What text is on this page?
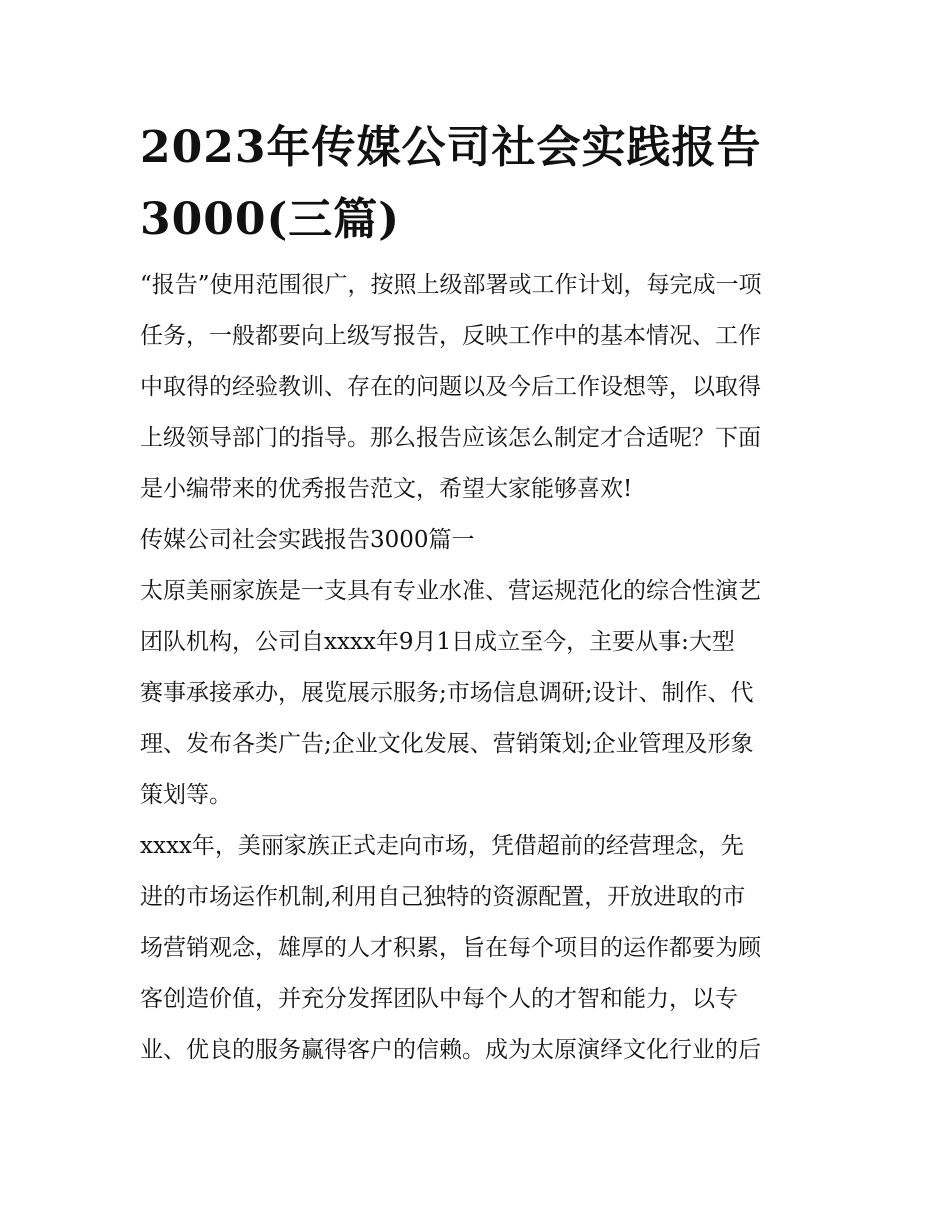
2023年传媒公司社会实践报告
3000(三篇)

“报告”使用范围很广，按照上级部署或工作计划，每完成一项
任务，一般都要向上级写报告，反映工作中的基本情况、工作
中取得的经验教训、存在的问题以及今后工作设想等，以取得
上级领导部门的指导。那么报告应该怎么制定才合适呢？下面
是小编带来的优秀报告范文，希望大家能够喜欢!

传媒公司社会实践报告3000篇一

太原美丽家族是一支具有专业水准、营运规范化的综合性演艺
团队机构，公司自xxxx年9月1日成立至今，主要从事:大型
赛事承接承办，展览展示服务;市场信息调研;设计、制作、代
理、发布各类广告;企业文化发展、营销策划;企业管理及形象
策划等。

xxxx年，美丽家族正式走向市场，凭借超前的经营理念，先
进的市场运作机制,利用自己独特的资源配置，开放进取的市
场营销观念，雄厚的人才积累，旨在每个项目的运作都要为顾
客创造价值，并充分发挥团队中每个人的才智和能力，以专
业、优良的服务赢得客户的信赖。成为太原演绎文化行业的后
